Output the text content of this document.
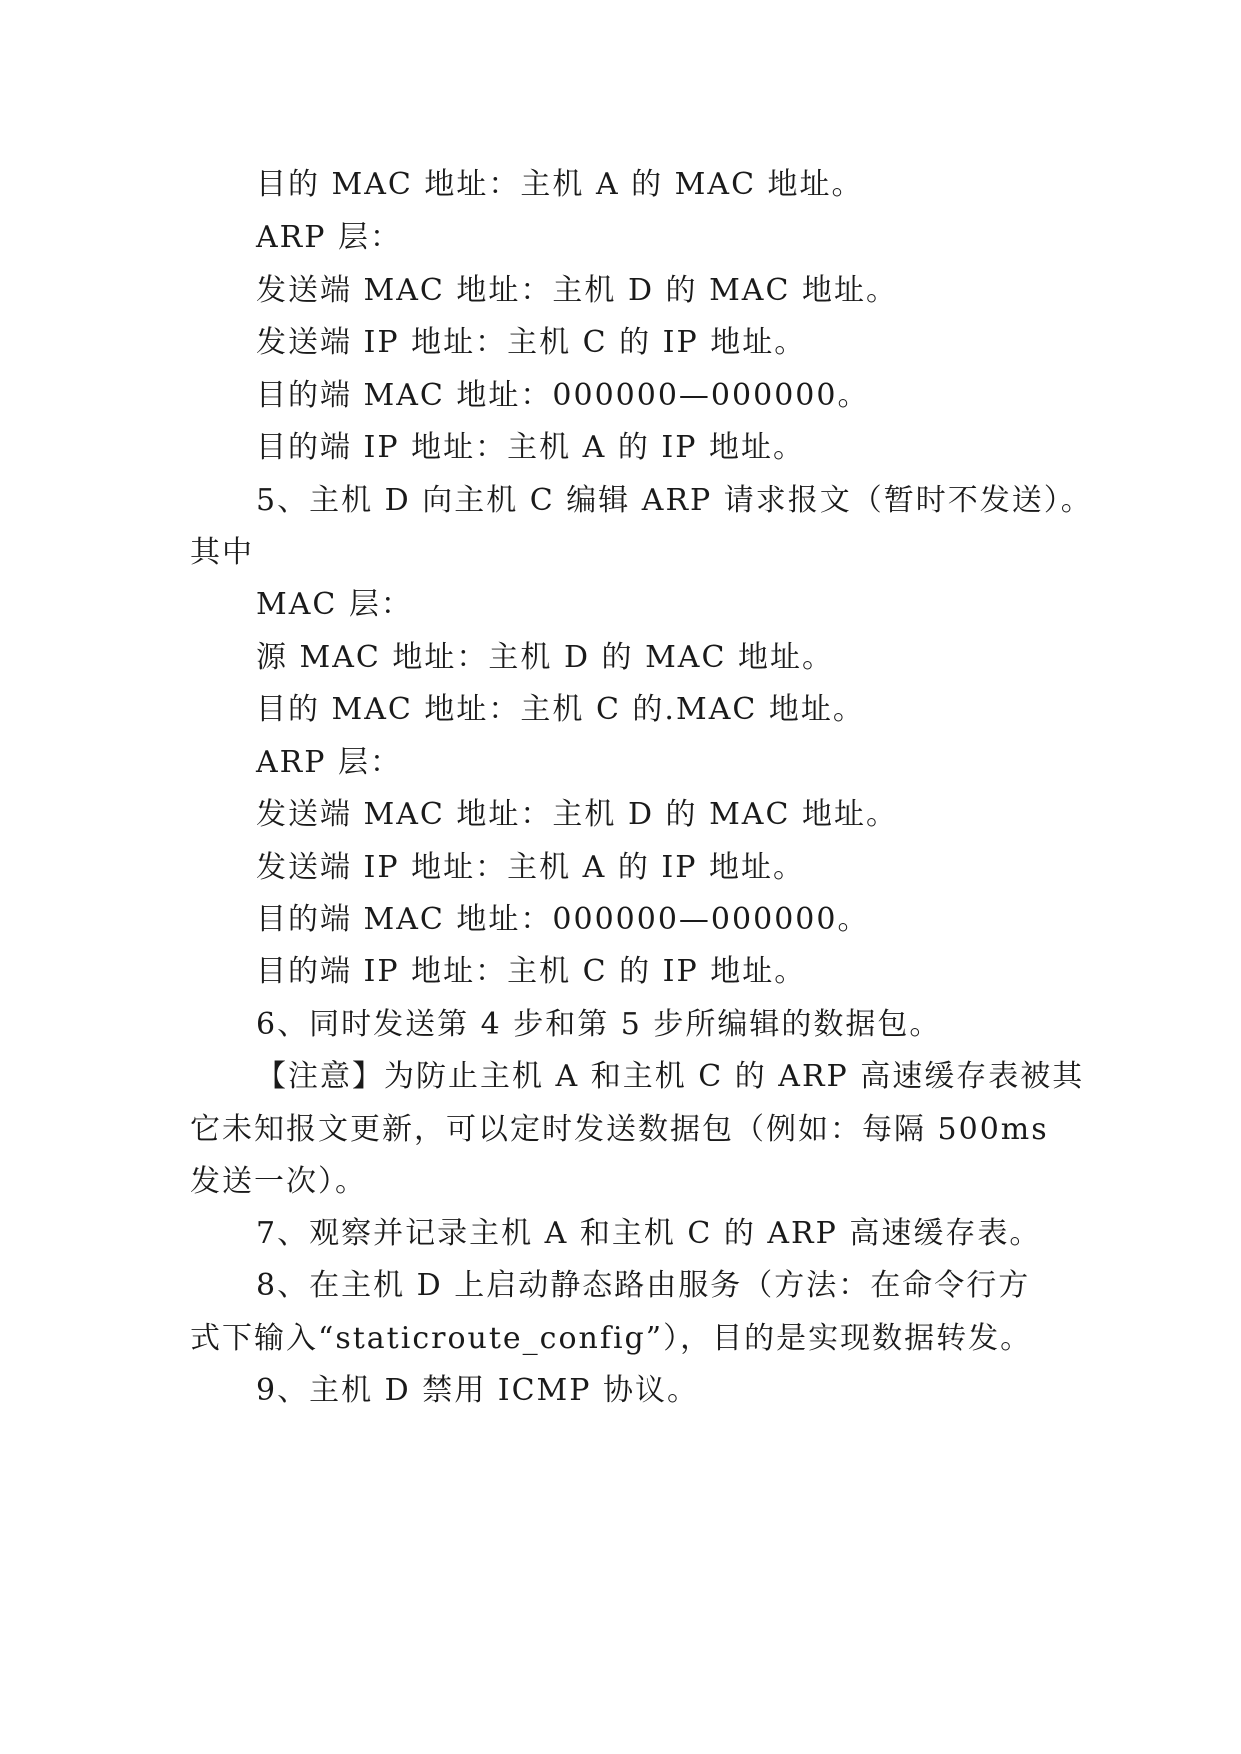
目的 MAC 地址：主机 A 的 MAC 地址。
ARP 层：
发送端 MAC 地址：主机 D 的 MAC 地址。
发送端 IP 地址：主机 C 的 IP 地址。
目的端 MAC 地址：000000—000000。
目的端 IP 地址：主机 A 的 IP 地址。
5、主机 D 向主机 C 编辑 ARP 请求报文（暂时不发送）。
其中
MAC 层：
源 MAC 地址：主机 D 的 MAC 地址。
目的 MAC 地址：主机 C 的.MAC 地址。
ARP 层：
发送端 MAC 地址：主机 D 的 MAC 地址。
发送端 IP 地址：主机 A 的 IP 地址。
目的端 MAC 地址：000000—000000。
目的端 IP 地址：主机 C 的 IP 地址。
6、同时发送第 4 步和第 5 步所编辑的数据包。
【注意】为防止主机 A 和主机 C 的 ARP 高速缓存表被其
它未知报文更新，可以定时发送数据包（例如：每隔 500ms
发送一次）。
7、观察并记录主机 A 和主机 C 的 ARP 高速缓存表。
8、在主机 D 上启动静态路由服务（方法：在命令行方
式下输入“staticroute_config”），目的是实现数据转发。
9、主机 D 禁用 ICMP 协议。
